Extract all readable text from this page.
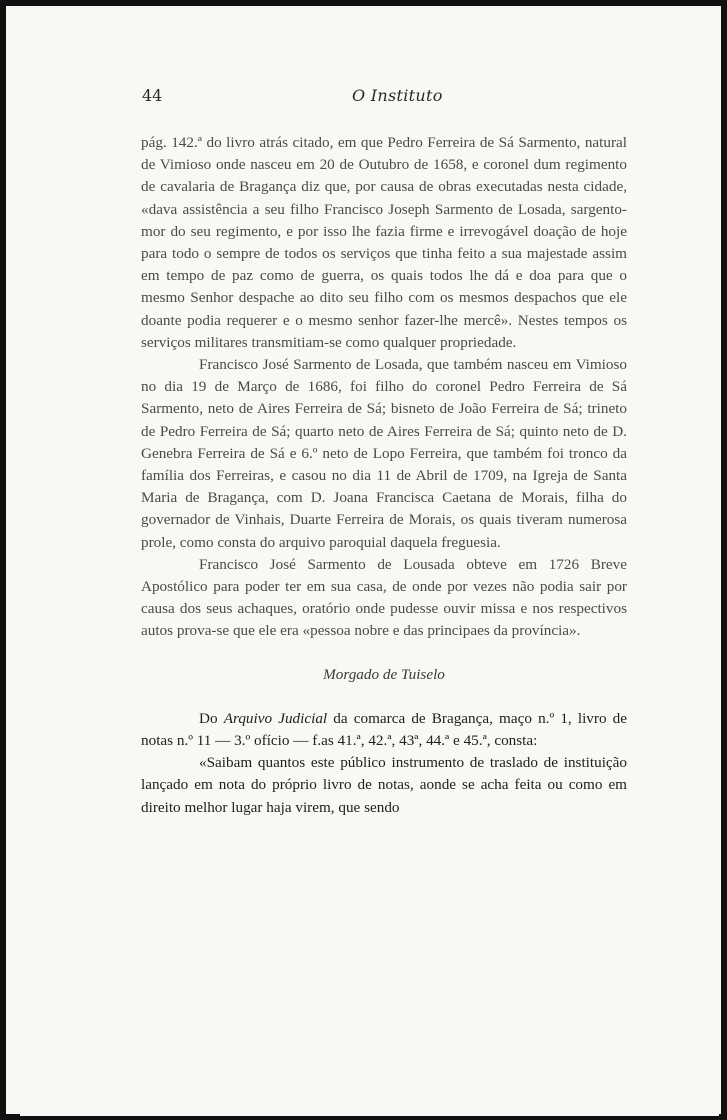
44	O Instituto

pág. 142.ª do livro atrás citado, em que Pedro Ferreira de Sá Sarmento, natural de Vimioso onde nasceu em 20 de Outubro de 1658, e coronel dum regimento de cavalaria de Bragança diz que, por causa de obras executadas nesta cidade, «dava assistência a seu filho Francisco Joseph Sarmento de Losada, sargento-mor do seu regimento, e por isso lhe fazia firme e irrevogável doação de hoje para todo o sempre de todos os serviços que tinha feito a sua majestade assim em tempo de paz como de guerra, os quais todos lhe dá e doa para que o mesmo Senhor despache ao dito seu filho com os mesmos despachos que ele doante podia requerer e o mesmo senhor fazer-lhe mercê». Nestes tempos os serviços militares transmitiam-se como qualquer propriedade.

Francisco José Sarmento de Losada, que também nasceu em Vimioso no dia 19 de Março de 1686, foi filho do coronel Pedro Ferreira de Sá Sarmento, neto de Aires Ferreira de Sá; bisneto de João Ferreira de Sá; trineto de Pedro Ferreira de Sá; quarto neto de Aires Ferreira de Sá; quinto neto de D. Genebra Ferreira de Sá e 6.º neto de Lopo Ferreira, que também foi tronco da família dos Ferreiras, e casou no dia 11 de Abril de 1709, na Igreja de Santa Maria de Bragança, com D. Joana Francisca Caetana de Morais, filha do governador de Vinhais, Duarte Ferreira de Morais, os quais tiveram numerosa prole, como consta do arquivo paroquial daquela freguesia.

Francisco José Sarmento de Lousada obteve em 1726 Breve Apostólico para poder ter em sua casa, de onde por vezes não podia sair por causa dos seus achaques, oratório onde pudesse ouvir missa e nos respectivos autos prova-se que ele era «pessoa nobre e das principaes da província».

Morgado de Tuiselo

Do Arquivo Judicial da comarca de Bragança, maço n.º 1, livro de notas n.º 11 — 3.º ofício — f.as 41.ª, 42.ª, 43ª, 44.ª e 45.ª, consta:

«Saibam quantos este público instrumento de traslado de instituição lançado em nota do próprio livro de notas, aonde se acha feita ou como em direito melhor lugar haja virem, que sendo
